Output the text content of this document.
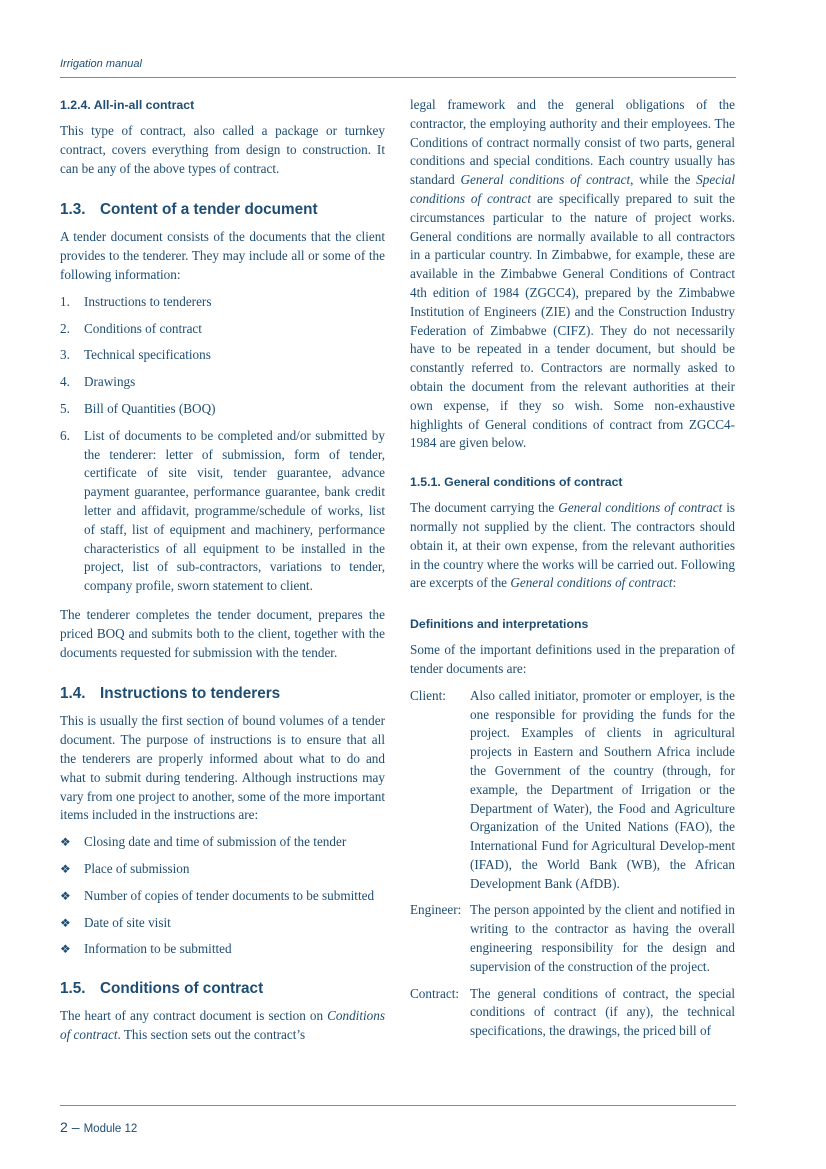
Irrigation manual
1.2.4. All-in-all contract

This type of contract, also called a package or turnkey contract, covers everything from design to construction. It can be any of the above types of contract.

1.3. Content of a tender document

A tender document consists of the documents that the client provides to the tenderer. They may include all or some of the following information:

1. Instructions to tenderers
2. Conditions of contract
3. Technical specifications
4. Drawings
5. Bill of Quantities (BOQ)
6. List of documents to be completed and/or submitted by the tenderer: letter of submission, form of tender, certificate of site visit, tender guarantee, advance payment guarantee, performance guarantee, bank credit letter and affidavit, programme/schedule of works, list of staff, list of equipment and machinery, performance characteristics of all equipment to be installed in the project, list of sub-contractors, variations to tender, company profile, sworn statement to client.

The tenderer completes the tender document, prepares the priced BOQ and submits both to the client, together with the documents requested for submission with the tender.

1.4. Instructions to tenderers

This is usually the first section of bound volumes of a tender document. The purpose of instructions is to ensure that all the tenderers are properly informed about what to do and what to submit during tendering. Although instructions may vary from one project to another, some of the more important items included in the instructions are:

❖ Closing date and time of submission of the tender
❖ Place of submission
❖ Number of copies of tender documents to be submitted
❖ Date of site visit
❖ Information to be submitted
1.5. Conditions of contract

The heart of any contract document is section on Conditions of contract. This section sets out the contract’s

legal framework and the general obligations of the contractor, the employing authority and their employees. The Conditions of contract normally consist of two parts, general conditions and special conditions. Each country usually has standard General conditions of contract, while the Special conditions of contract are specifically prepared to suit the circumstances particular to the nature of project works. General conditions are normally available to all contractors in a particular country. In Zimbabwe, for example, these are available in the Zimbabwe General Conditions of Contract 4th edition of 1984 (ZGCC4), prepared by the Zimbabwe Institution of Engineers (ZIE) and the Construction Industry Federation of Zimbabwe (CIFZ). They do not necessarily have to be repeated in a tender document, but should be constantly referred to. Contractors are normally asked to obtain the document from the relevant authorities at their own expense, if they so wish. Some non-exhaustive highlights of General conditions of contract from ZGCC4-1984 are given below.

1.5.1. General conditions of contract

The document carrying the General conditions of contract is normally not supplied by the client. The contractors should obtain it, at their own expense, from the relevant authorities in the country where the works will be carried out. Following are excerpts of the General conditions of contract:

Definitions and interpretations

Some of the important definitions used in the preparation of tender documents are:

Client: Also called initiator, promoter or employer, is the one responsible for providing the funds for the project. Examples of clients in agricultural projects in Eastern and Southern Africa include the Government of the country (through, for example, the Department of Irrigation or the Department of Water), the Food and Agriculture Organization of the United Nations (FAO), the International Fund for Agricultural Develop-ment (IFAD), the World Bank (WB), the African Development Bank (AfDB).
Engineer: The person appointed by the client and notified in writing to the contractor as having the overall engineering responsibility for the design and supervision of the construction of the project.
Contract: The general conditions of contract, the special conditions of contract (if any), the technical specifications, the drawings, the priced bill of
2 – Module 12
